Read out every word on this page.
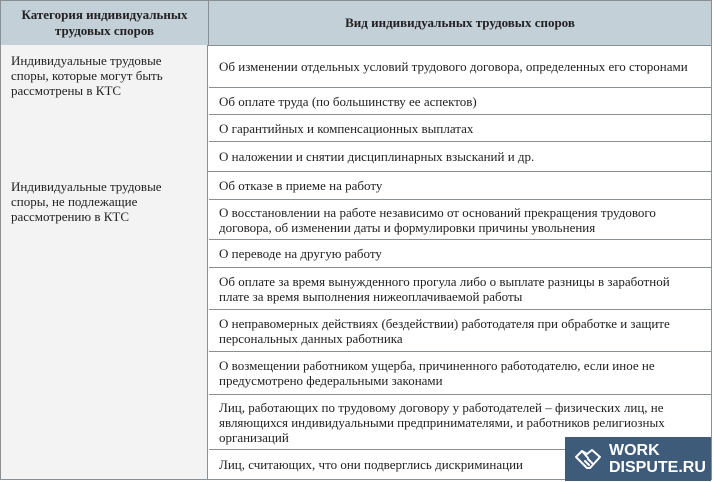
Категория индивидуальных трудовых споров
Вид индивидуальных трудовых споров
Индивидуальные трудовые споры, которые могут быть рассмотрены в КТС
Об изменении отдельных условий трудового договора, определенных его сторонами
Об оплате труда (по большинству ее аспектов)
О гарантийных и компенсационных выплатах
О наложении и снятии дисциплинарных взысканий и др.
Индивидуальные трудовые споры, не подлежащие рассмотрению в КТС
Об отказе в приеме на работу
О восстановлении на работе независимо от оснований прекращения трудового договора, об изменении даты и формулировки причины увольнения
О переводе на другую работу
Об оплате за время вынужденного прогула либо о выплате разницы в заработной плате за время выполнения нижеоплачиваемой работы
О неправомерных действиях (бездействии) работодателя при обработке и защите персональных данных работника
О возмещении работником ущерба, причиненного работодателю, если иное не предусмотрено федеральными законами
Лиц, работающих по трудовому договору у работодателей – физических лиц, не являющихся индивидуальными предпринимателями, и работников религиозных организаций
Лиц, считающих, что они подверглись дискриминации
WORK
DISPUTE.RU
